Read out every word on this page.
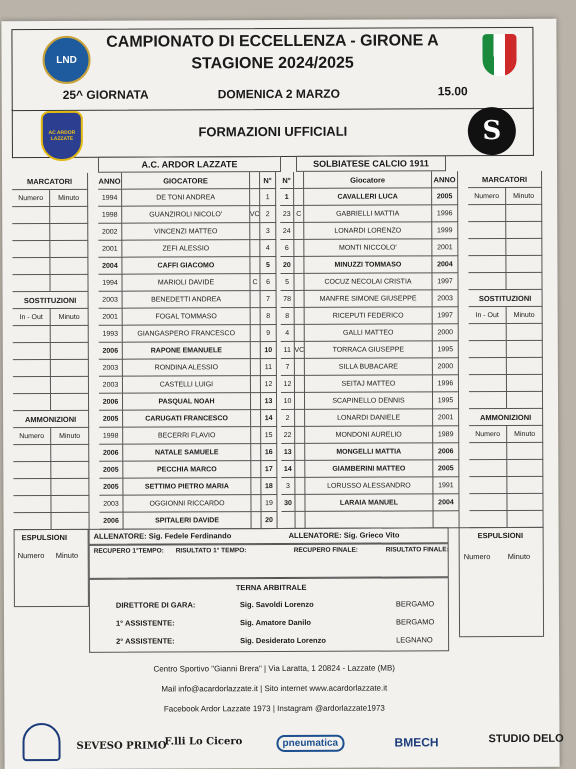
LND
CAMPIONATO DI ECCELLENZA - GIRONE A
STAGIONE 2024/2025
25^ GIORNATA	DOMENICA 2 MARZO	15.00
AC ARDOR LAZZATE	FORMAZIONI UFFICIALI	S
A.C. ARDOR LAZZATE	SOLBIATESE CALCIO 1911
MARCATORI	ANNO	GIOCATORE	N°	N°	Giocatore	ANNO	MARCATORI
Numero	Minuto	Numero	Minuto
1994	DE TONI ANDREA	1	1	CAVALLERI LUCA	2005
1998	GUANZIROLI NICOLO'	VC 2	23 C	GABRIELLI MATTIA	1996
2002	VINCENZI MATTEO	3	24	LONARDI LORENZO	1999
2001	ZEFI ALESSIO	4	6	MONTI NICCOLO'	2001
2004	CAFFI GIACOMO	5	20	MINUZZI TOMMASO	2004
1994	MARIOLI DAVIDE	C	6	5	COCUZ NECOLAI CRISTIA	1997
SOSTITUZIONI	SOSTITUZIONI
2003	BENEDETTI ANDREA	7	78	MANFRE SIMONE GIUSEPPE	2003
In - Out	Minuto	In - Out	Minuto
2001	FOGAL TOMMASO	8	8	RICEPUTI FEDERICO	1997
1993	GIANGASPERO FRANCESCO	9	4	GALLI MATTEO	2000
2006	RAPONE EMANUELE	10	11 VC	TORRACA GIUSEPPE	1995
2003	RONDINA ALESSIO	11	7	SILLA BUBACARE	2000
2003	CASTELLI LUIGI	12	12	SEITAJ MATTEO	1996
2006	PASQUAL NOAH	13	10	SCAPINELLO DENNIS	1995
AMMONIZIONI	AMMONIZIONI
2005	CARUGATI FRANCESCO	14	2	LONARDI DANIELE	2001
Numero	Minuto	Numero	Minuto
1998	BECERRI FLAVIO	15	22	MONDONI AURELIO	1989
2006	NATALE SAMUELE	16	13	MONGELLI MATTIA	2006
2005	PECCHIA MARCO	17	14	GIAMBERINI MATTEO	2005
2005	SETTIMO PIETRO MARIA	18	3	LORUSSO ALESSANDRO	1991
2003	OGGIONNI RICCARDO	19	30	LARAIA MANUEL	2004
2006	SPITALERI DAVIDE	20
ESPULSIONI
Numero Minuto
ALLENATORE: Sig. Fedele Ferdinando	ALLENATORE: Sig. Grieco Vito
RECUPERO 1°TEMPO: RISULTATO 1° TEMPO:	RECUPERO FINALE:	RISULTATO FINALE:
ESPULSIONI
Numero Minuto
TERNA ARBITRALE
DIRETTORE DI GARA:	Sig. Savoldi Lorenzo	BERGAMO
1° ASSISTENTE:	Sig. Amatore Danilo	BERGAMO
2° ASSISTENTE:	Sig. Desiderato Lorenzo	LEGNANO
Centro Sportivo "Gianni Brera" | Via Laratta, 1 20824 - Lazzate (MB)
Mail info@acardorlazzate.it | Sito internet www.acardorlazzate.it
Facebook Ardor Lazzate 1973 | Instagram @ardorlazzate1973
SEVESO PRIMO
F.lli Lo Cicero	pneumatica	BMECH	STUDIO DELO
